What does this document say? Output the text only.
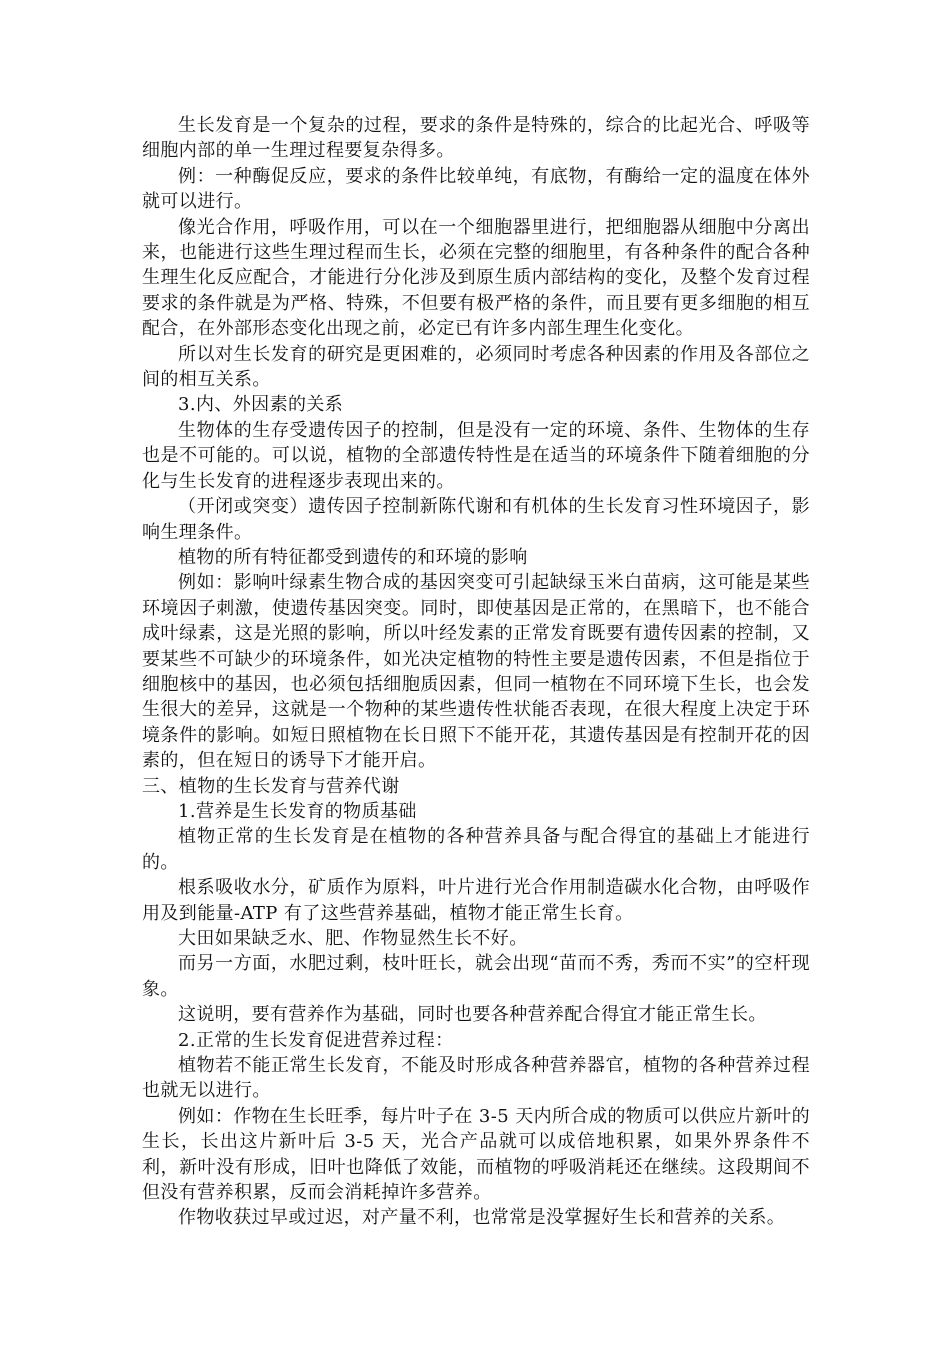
生长发育是一个复杂的过程，要求的条件是特殊的，综合的比起光合、呼吸等细胞内部的单一生理过程要复杂得多。

例：一种酶促反应，要求的条件比较单纯，有底物，有酶给一定的温度在体外就可以进行。

像光合作用，呼吸作用，可以在一个细胞器里进行，把细胞器从细胞中分离出来，也能进行这些生理过程而生长，必须在完整的细胞里，有各种条件的配合各种生理生化反应配合，才能进行分化涉及到原生质内部结构的变化，及整个发育过程要求的条件就是为严格、特殊，不但要有极严格的条件，而且要有更多细胞的相互配合，在外部形态变化出现之前，必定已有许多内部生理生化变化。

所以对生长发育的研究是更困难的，必须同时考虑各种因素的作用及各部位之间的相互关系。

3.内、外因素的关系

生物体的生存受遗传因子的控制，但是没有一定的环境、条件、生物体的生存也是不可能的。可以说，植物的全部遗传特性是在适当的环境条件下随着细胞的分化与生长发育的进程逐步表现出来的。

（开闭或突变）遗传因子控制新陈代谢和有机体的生长发育习性环境因子，影响生理条件。

植物的所有特征都受到遗传的和环境的影响

例如：影响叶绿素生物合成的基因突变可引起缺绿玉米白苗病，这可能是某些环境因子刺激，使遗传基因突变。同时，即使基因是正常的，在黑暗下，也不能合成叶绿素，这是光照的影响，所以叶经发素的正常发育既要有遗传因素的控制，又要某些不可缺少的环境条件，如光决定植物的特性主要是遗传因素，不但是指位于细胞核中的基因，也必须包括细胞质因素，但同一植物在不同环境下生长，也会发生很大的差异，这就是一个物种的某些遗传性状能否表现，在很大程度上决定于环境条件的影响。如短日照植物在长日照下不能开花，其遗传基因是有控制开花的因素的，但在短日的诱导下才能开启。

三、植物的生长发育与营养代谢

1.营养是生长发育的物质基础

植物正常的生长发育是在植物的各种营养具备与配合得宜的基础上才能进行的。

根系吸收水分，矿质作为原料，叶片进行光合作用制造碳水化合物，由呼吸作用及到能量-ATP 有了这些营养基础，植物才能正常生长育。

大田如果缺乏水、肥、作物显然生长不好。

而另一方面，水肥过剩，枝叶旺长，就会出现“苗而不秀，秀而不实”的空杆现象。

这说明，要有营养作为基础，同时也要各种营养配合得宜才能正常生长。

2.正常的生长发育促进营养过程：

植物若不能正常生长发育，不能及时形成各种营养器官，植物的各种营养过程也就无以进行。

例如：作物在生长旺季，每片叶子在 3-5 天内所合成的物质可以供应片新叶的生长，长出这片新叶后 3-5 天，光合产品就可以成倍地积累，如果外界条件不利，新叶没有形成，旧叶也降低了效能，而植物的呼吸消耗还在继续。这段期间不但没有营养积累，反而会消耗掉许多营养。

作物收获过早或过迟，对产量不利，也常常是没掌握好生长和营养的关系。
